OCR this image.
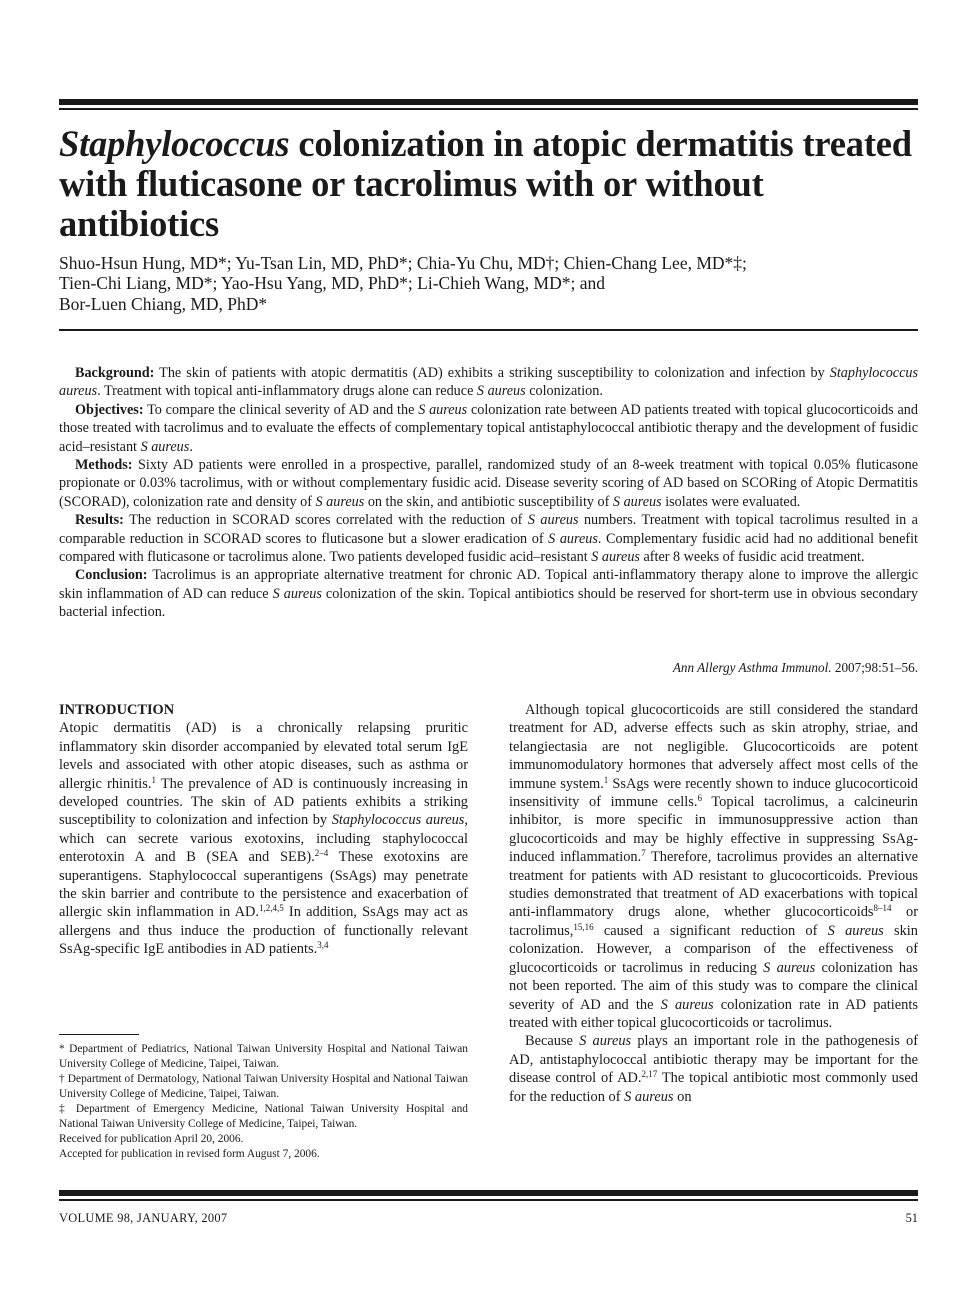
Staphylococcus colonization in atopic dermatitis treated with fluticasone or tacrolimus with or without antibiotics
Shuo-Hsun Hung, MD*; Yu-Tsan Lin, MD, PhD*; Chia-Yu Chu, MD†; Chien-Chang Lee, MD*‡;
Tien-Chi Liang, MD*; Yao-Hsu Yang, MD, PhD*; Li-Chieh Wang, MD*; and
Bor-Luen Chiang, MD, PhD*

Background: The skin of patients with atopic dermatitis (AD) exhibits a striking susceptibility to colonization and infection by Staphylococcus aureus. Treatment with topical anti-inflammatory drugs alone can reduce S aureus colonization.

Objectives: To compare the clinical severity of AD and the S aureus colonization rate between AD patients treated with topical glucocorticoids and those treated with tacrolimus and to evaluate the effects of complementary topical antistaphylococcal antibiotic therapy and the development of fusidic acid–resistant S aureus.

Methods: Sixty AD patients were enrolled in a prospective, parallel, randomized study of an 8-week treatment with topical 0.05% fluticasone propionate or 0.03% tacrolimus, with or without complementary fusidic acid. Disease severity scoring of AD based on SCORing of Atopic Dermatitis (SCORAD), colonization rate and density of S aureus on the skin, and antibiotic susceptibility of S aureus isolates were evaluated.

Results: The reduction in SCORAD scores correlated with the reduction of S aureus numbers. Treatment with topical tacrolimus resulted in a comparable reduction in SCORAD scores to fluticasone but a slower eradication of S aureus. Complementary fusidic acid had no additional benefit compared with fluticasone or tacrolimus alone. Two patients developed fusidic acid–resistant S aureus after 8 weeks of fusidic acid treatment.

Conclusion: Tacrolimus is an appropriate alternative treatment for chronic AD. Topical anti-inflammatory therapy alone to improve the allergic skin inflammation of AD can reduce S aureus colonization of the skin. Topical antibiotics should be reserved for short-term use in obvious secondary bacterial infection.

Ann Allergy Asthma Immunol. 2007;98:51–56.
INTRODUCTION

Atopic dermatitis (AD) is a chronically relapsing pruritic inflammatory skin disorder accompanied by elevated total serum IgE levels and associated with other atopic diseases, such as asthma or allergic rhinitis.$^1$ The prevalence of AD is continuously increasing in developed countries. The skin of AD patients exhibits a striking susceptibility to colonization and infection by Staphylococcus aureus, which can secrete various exotoxins, including staphylococcal enterotoxin A and B (SEA and SEB).$^{2-4}$ These exotoxins are superantigens. Staphylococcal superantigens (SsAgs) may penetrate the skin barrier and contribute to the persistence and exacerbation of allergic skin inflammation in AD.$^{1,2,4,5}$ In addition, SsAgs may act as allergens and thus induce the production of functionally relevant SsAg-specific IgE antibodies in AD patients.$^{3,4}$

* Department of Pediatrics, National Taiwan University Hospital and National Taiwan University College of Medicine, Taipei, Taiwan.

† Department of Dermatology, National Taiwan University Hospital and National Taiwan University College of Medicine, Taipei, Taiwan.

‡ Department of Emergency Medicine, National Taiwan University Hospital and National Taiwan University College of Medicine, Taipei, Taiwan.

Received for publication April 20, 2006.

Accepted for publication in revised form August 7, 2006.

Although topical glucocorticoids are still considered the standard treatment for AD, adverse effects such as skin atrophy, striae, and telangiectasia are not negligible. Glucocorticoids are potent immunomodulatory hormones that adversely affect most cells of the immune system.$^1$ SsAgs were recently shown to induce glucocorticoid insensitivity of immune cells.$^6$ Topical tacrolimus, a calcineurin inhibitor, is more specific in immunosuppressive action than glucocorticoids and may be highly effective in suppressing SsAg-induced inflammation.$^7$ Therefore, tacrolimus provides an alternative treatment for patients with AD resistant to glucocorticoids. Previous studies demonstrated that treatment of AD exacerbations with topical anti-inflammatory drugs alone, whether glucocorticoids$^{8-14}$ or tacrolimus,$^{15,16}$ caused a significant reduction of S aureus skin colonization. However, a comparison of the effectiveness of glucocorticoids or tacrolimus in reducing S aureus colonization has not been reported. The aim of this study was to compare the clinical severity of AD and the S aureus colonization rate in AD patients treated with either topical glucocorticoids or tacrolimus.

Because S aureus plays an important role in the pathogenesis of AD, antistaphylococcal antibiotic therapy may be important for the disease control of AD.$^{2,17}$ The topical antibiotic most commonly used for the reduction of S aureus on

VOLUME 98, JANUARY, 2007	51
